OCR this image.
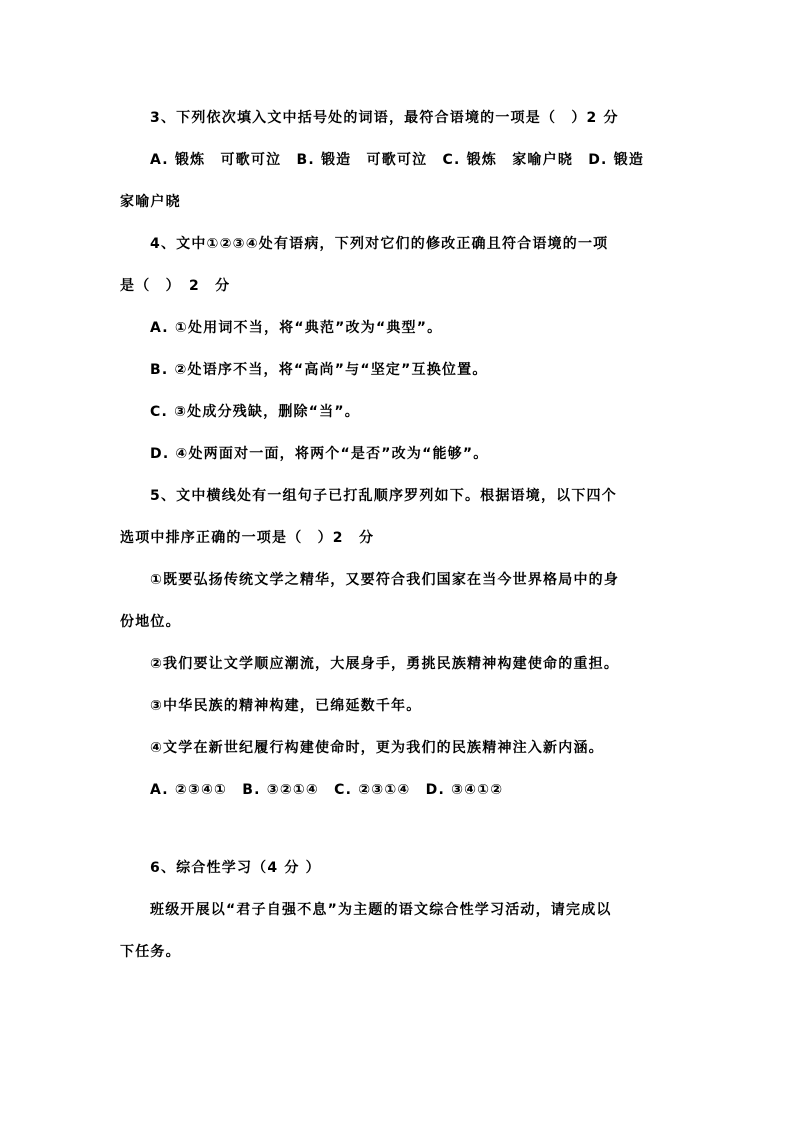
3、下列依次填入文中括号处的词语，最符合语境的一项是（　）2 分
A. 锻炼　可歌可泣　B. 锻造　可歌可泣　C. 锻炼　家喻户晓　D. 锻造
家喻户晓
4、文中①②③④处有语病，下列对它们的修改正确且符合语境的一项
是（　）　2　分
A. ①处用词不当，将“典范”改为“典型”。
B. ②处语序不当，将“高尚”与“坚定”互换位置。
C. ③处成分残缺，删除“当”。
D. ④处两面对一面，将两个“是否”改为“能够”。
5、文中横线处有一组句子已打乱顺序罗列如下。根据语境，以下四个
选项中排序正确的一项是（　）2　分
①既要弘扬传统文学之精华，又要符合我们国家在当今世界格局中的身
份地位。
②我们要让文学顺应潮流，大展身手，勇挑民族精神构建使命的重担。
③中华民族的精神构建，已绵延数千年。
④文学在新世纪履行构建使命时，更为我们的民族精神注入新内涵。
A. ②③④①　B. ③②①④　C. ②③①④　D. ③④①②
6、综合性学习（4 分 ）
班级开展以“君子自强不息”为主题的语文综合性学习活动，请完成以
下任务。
